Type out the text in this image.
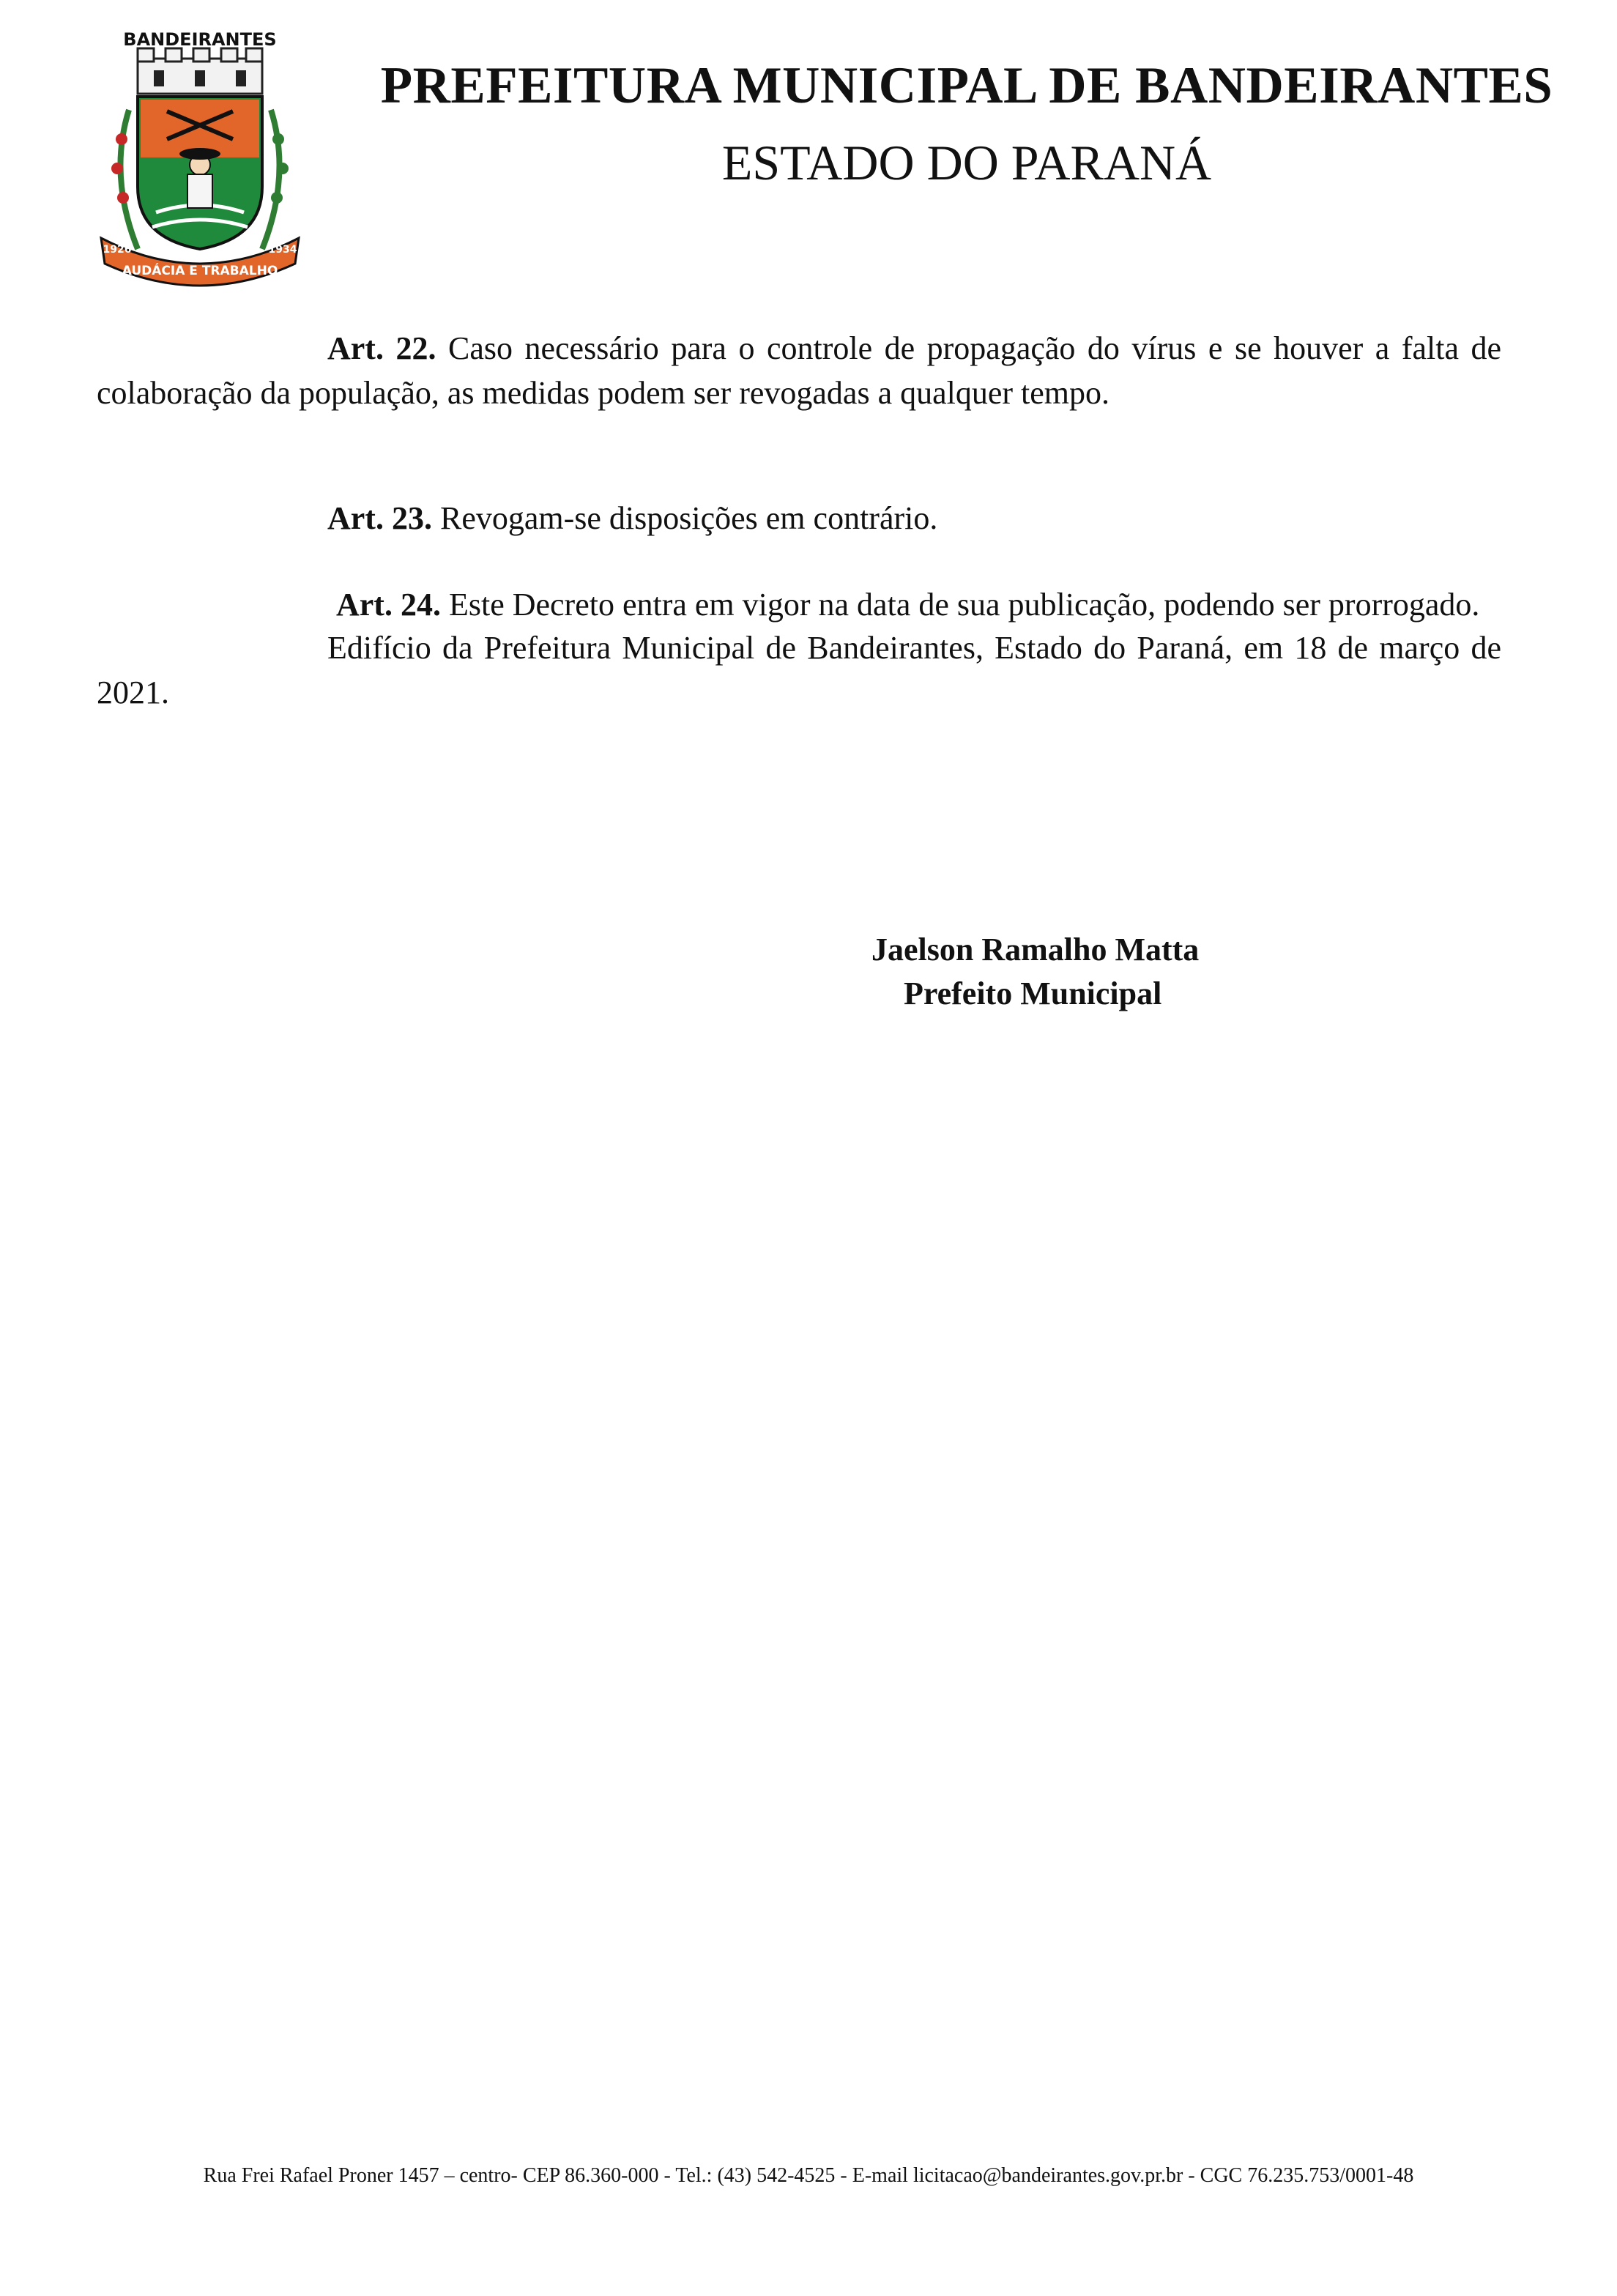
BANDEIRANTES
AUDÁCIA E TRABALHO
1926	1934
PREFEITURA MUNICIPAL DE BANDEIRANTES
ESTADO DO PARANÁ

Art. 22. Caso necessário para o controle de propagação do vírus e se houver a falta de colaboração da população, as medidas podem ser revogadas a qualquer tempo.

Art. 23. Revogam-se disposições em contrário.

Art. 24. Este Decreto entra em vigor na data de sua publicação, podendo ser prorrogado.

Edifício da Prefeitura Municipal de Bandeirantes, Estado do Paraná, em 18 de março de 2021.

Jaelson Ramalho Matta
Prefeito Municipal
Rua Frei Rafael Proner 1457 – centro- CEP 86.360-000 - Tel.: (43) 542-4525 - E-mail licitacao@bandeirantes.gov.pr.br - CGC 76.235.753/0001-48
